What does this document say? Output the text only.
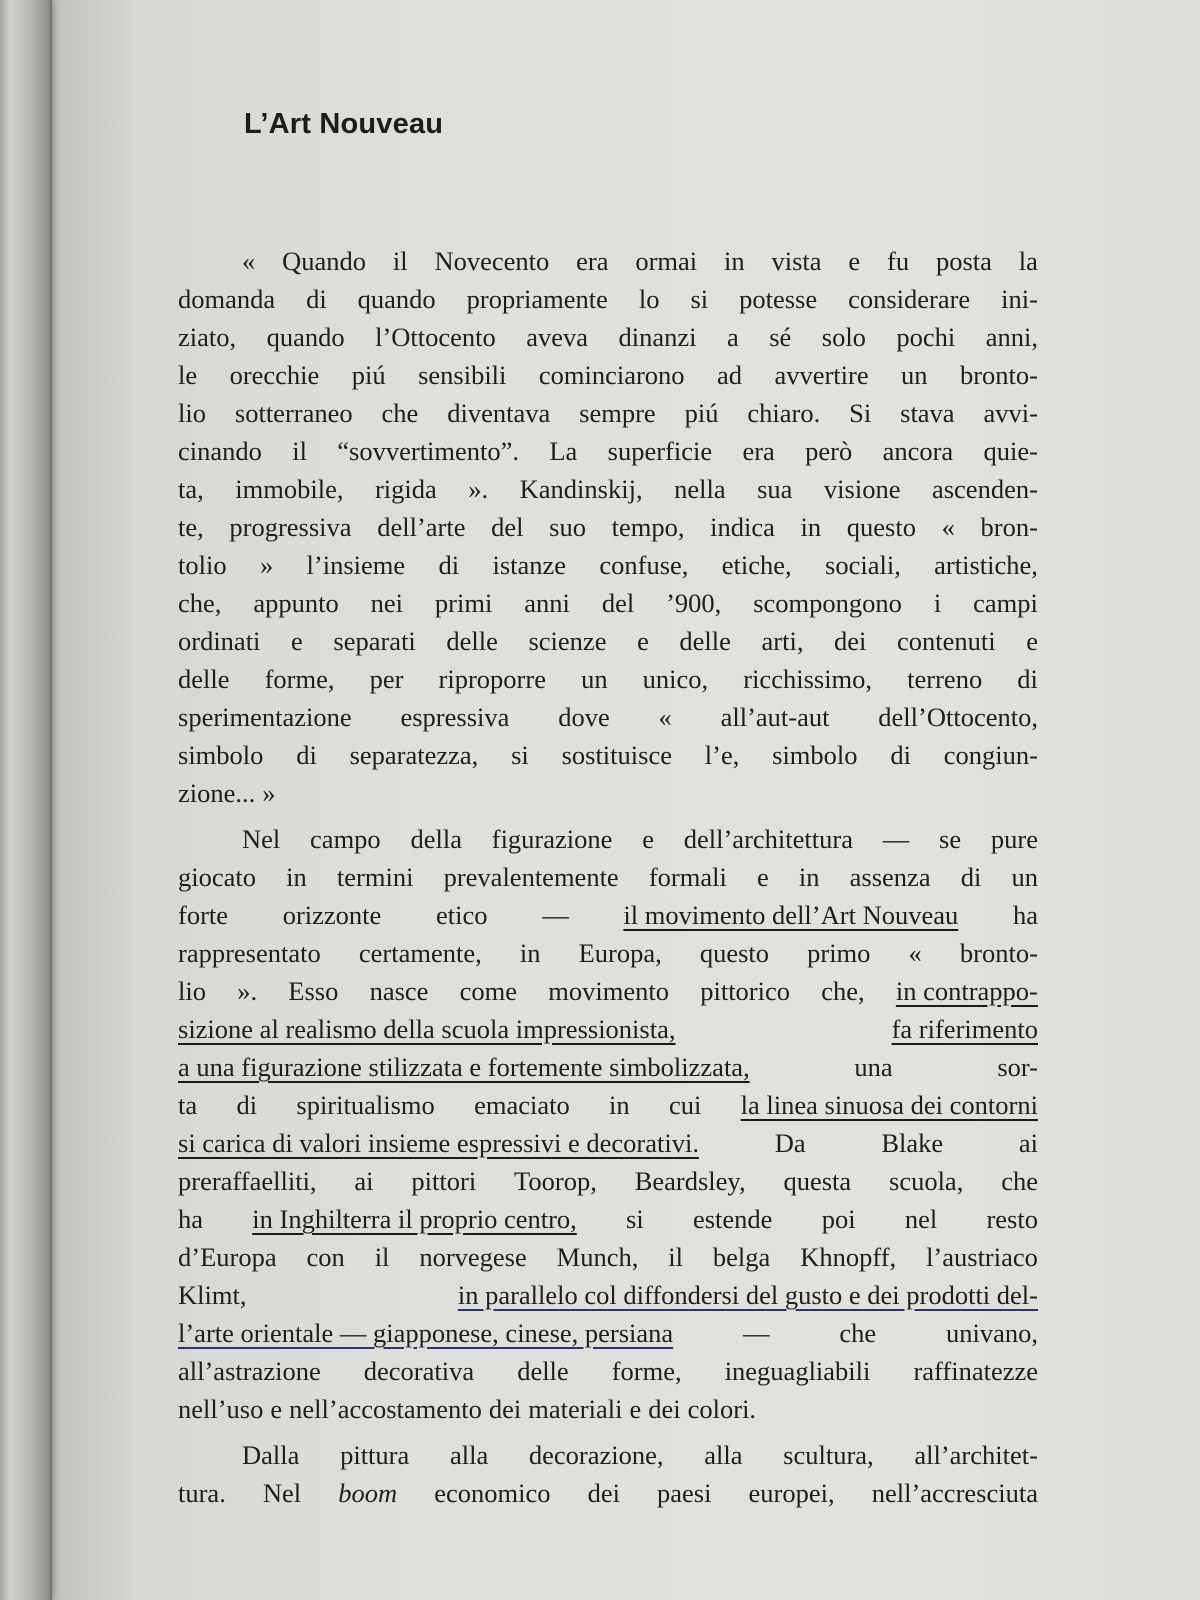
L’Art Nouveau
« Quando il Novecento era ormai in vista e fu posta la
domanda di quando propriamente lo si potesse considerare ini-
ziato, quando l’Ottocento aveva dinanzi a sé solo pochi anni,
le orecchie piú sensibili cominciarono ad avvertire un bronto-
lio sotterraneo che diventava sempre piú chiaro. Si stava avvi-
cinando il “sovvertimento”. La superficie era però ancora quie-
ta, immobile, rigida ». Kandinskij, nella sua visione ascenden-
te, progressiva dell’arte del suo tempo, indica in questo « bron-
tolio » l’insieme di istanze confuse, etiche, sociali, artistiche,
che, appunto nei primi anni del ’900, scompongono i campi
ordinati e separati delle scienze e delle arti, dei contenuti e
delle forme, per riproporre un unico, ricchissimo, terreno di
sperimentazione espressiva dove « all’aut-aut dell’Ottocento,
simbolo di separatezza, si sostituisce l’e, simbolo di congiun-
zione... »
Nel campo della figurazione e dell’architettura — se pure
giocato in termini prevalentemente formali e in assenza di un
forte orizzonte etico — il movimento dell’Art Nouveau ha
rappresentato certamente, in Europa, questo primo « bronto-
lio ». Esso nasce come movimento pittorico che, in contrappo-
sizione al realismo della scuola impressionista,	fa riferimento
a una figurazione stilizzata e fortemente simbolizzata,	una	sor-
ta di spiritualismo emaciato in cui la linea sinuosa dei contorni
si carica di valori insieme espressivi e decorativi.	Da	Blake	ai
preraffaelliti, ai pittori Toorop, Beardsley, questa scuola, che
ha in Inghilterra il proprio centro, si estende poi nel resto
d’Europa con il norvegese Munch, il belga Khnopff, l’austriaco
Klimt,	in parallelo col diffondersi del gusto e dei prodotti del-
l’arte orientale — giapponese, cinese, persiana	—	che	univano,
all’astrazione decorativa delle forme, ineguagliabili raffinatezze
nell’uso e nell’accostamento dei materiali e dei colori.
Dalla pittura alla decorazione, alla scultura, all’architet-
tura. Nel boom economico dei paesi europei, nell’accresciuta
